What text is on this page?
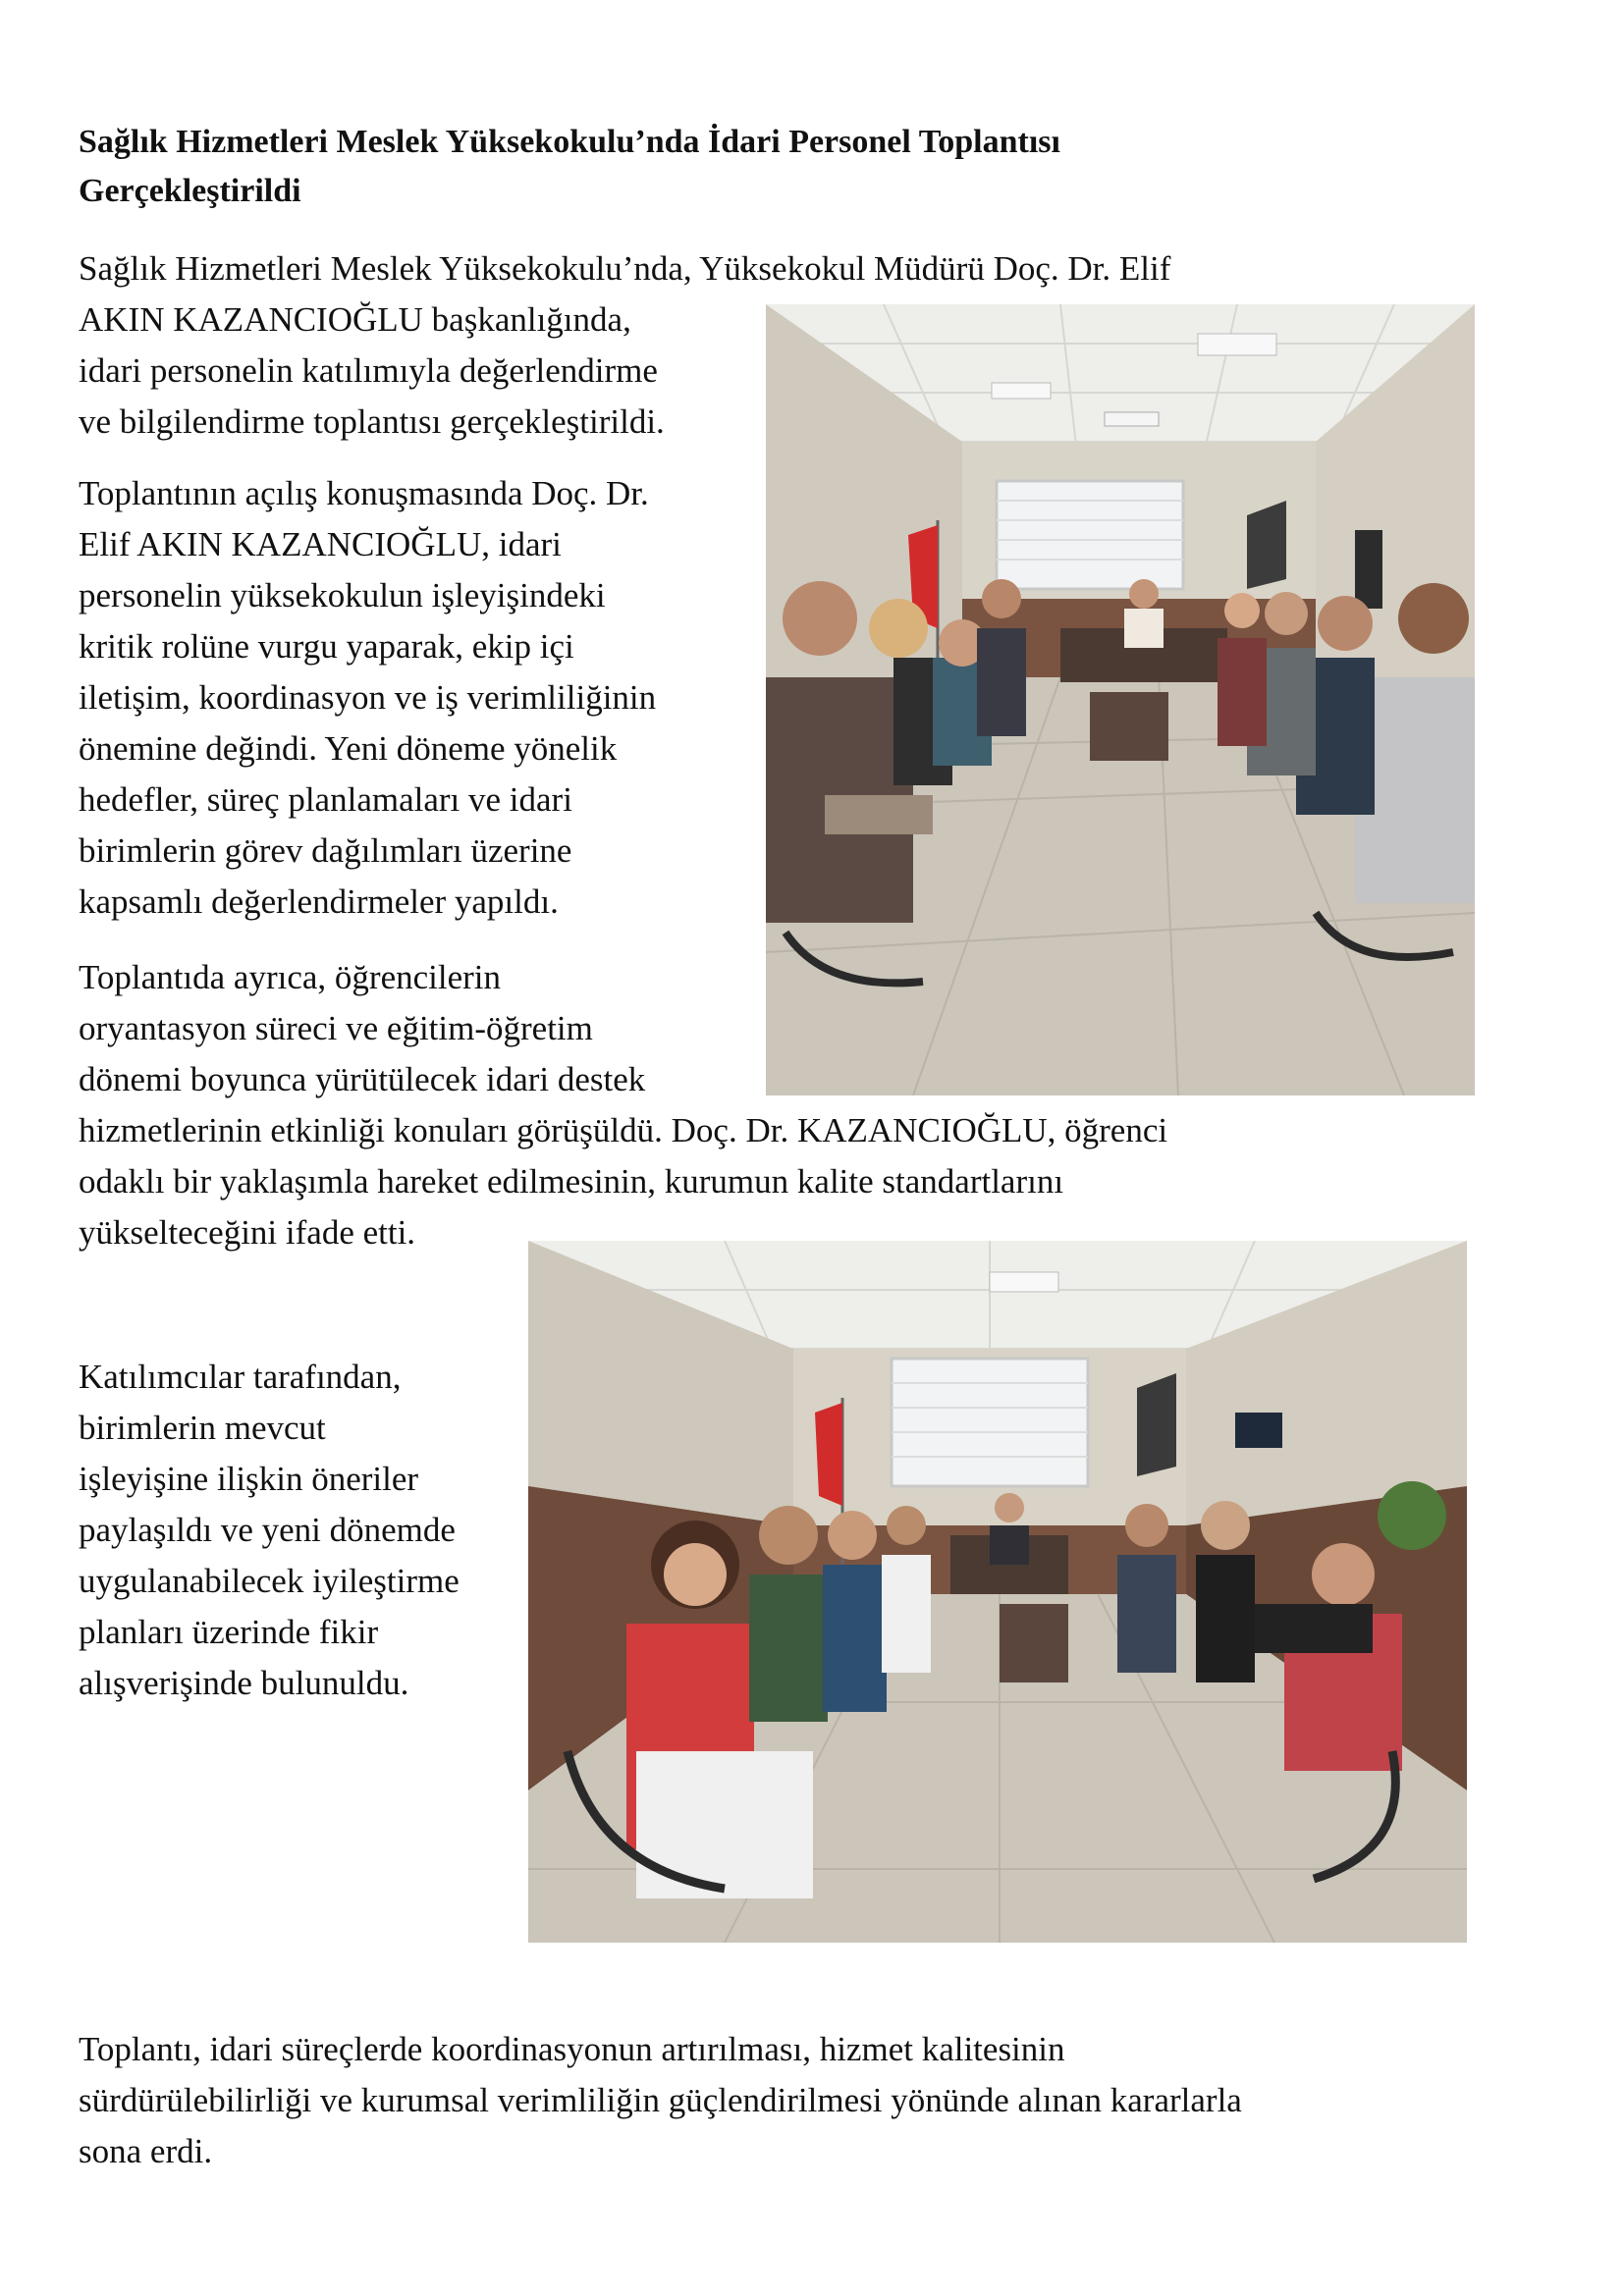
Sağlık Hizmetleri Meslek Yüksekokulu’nda İdari Personel Toplantısı
Gerçekleştirildi
Sağlık Hizmetleri Meslek Yüksekokulu’nda, Yüksekokul Müdürü Doç. Dr. Elif
AKIN KAZANCIOĞLU başkanlığında,
idari personelin katılımıyla değerlendirme
ve bilgilendirme toplantısı gerçekleştirildi.
Toplantının açılış konuşmasında Doç. Dr.
Elif AKIN KAZANCIOĞLU, idari
personelin yüksekokulun işleyişindeki
kritik rolüne vurgu yaparak, ekip içi
iletişim, koordinasyon ve iş verimliliğinin
önemine değindi. Yeni döneme yönelik
hedefler, süreç planlamaları ve idari
birimlerin görev dağılımları üzerine
kapsamlı değerlendirmeler yapıldı.
Toplantıda ayrıca, öğrencilerin
oryantasyon süreci ve eğitim-öğretim
dönemi boyunca yürütülecek idari destek
hizmetlerinin etkinliği konuları görüşüldü. Doç. Dr. KAZANCIOĞLU, öğrenci
odaklı bir yaklaşımla hareket edilmesinin, kurumun kalite standartlarını
yükselteceğini ifade etti.
Katılımcılar tarafından,
birimlerin mevcut
işleyişine ilişkin öneriler
paylaşıldı ve yeni dönemde
uygulanabilecek iyileştirme
planları üzerinde fikir
alışverişinde bulunuldu.
Toplantı, idari süreçlerde koordinasyonun artırılması, hizmet kalitesinin
sürdürülebilirliği ve kurumsal verimliliğin güçlendirilmesi yönünde alınan kararlarla
sona erdi.
